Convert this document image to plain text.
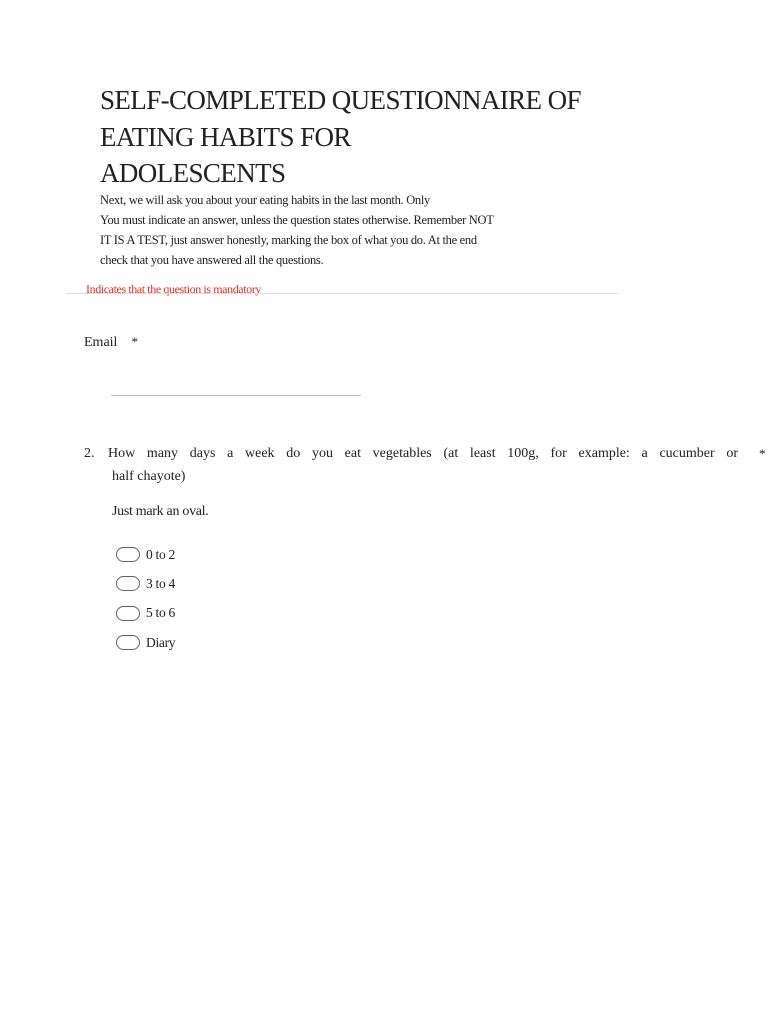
SELF-COMPLETED QUESTIONNAIRE OF
EATING HABITS FOR
ADOLESCENTS
Next, we will ask you about your eating habits in the last month. Only
You must indicate an answer, unless the question states otherwise. Remember NOT
IT IS A TEST, just answer honestly, marking the box of what you do. At the end
check that you have answered all the questions.
Indicates that the question is mandatory
Email *
2. How many days a week do you eat vegetables (at least 100g, for example: a cucumber or *
half chayote)
Just mark an oval.
0 to 2
3 to 4
5 to 6
Diary
